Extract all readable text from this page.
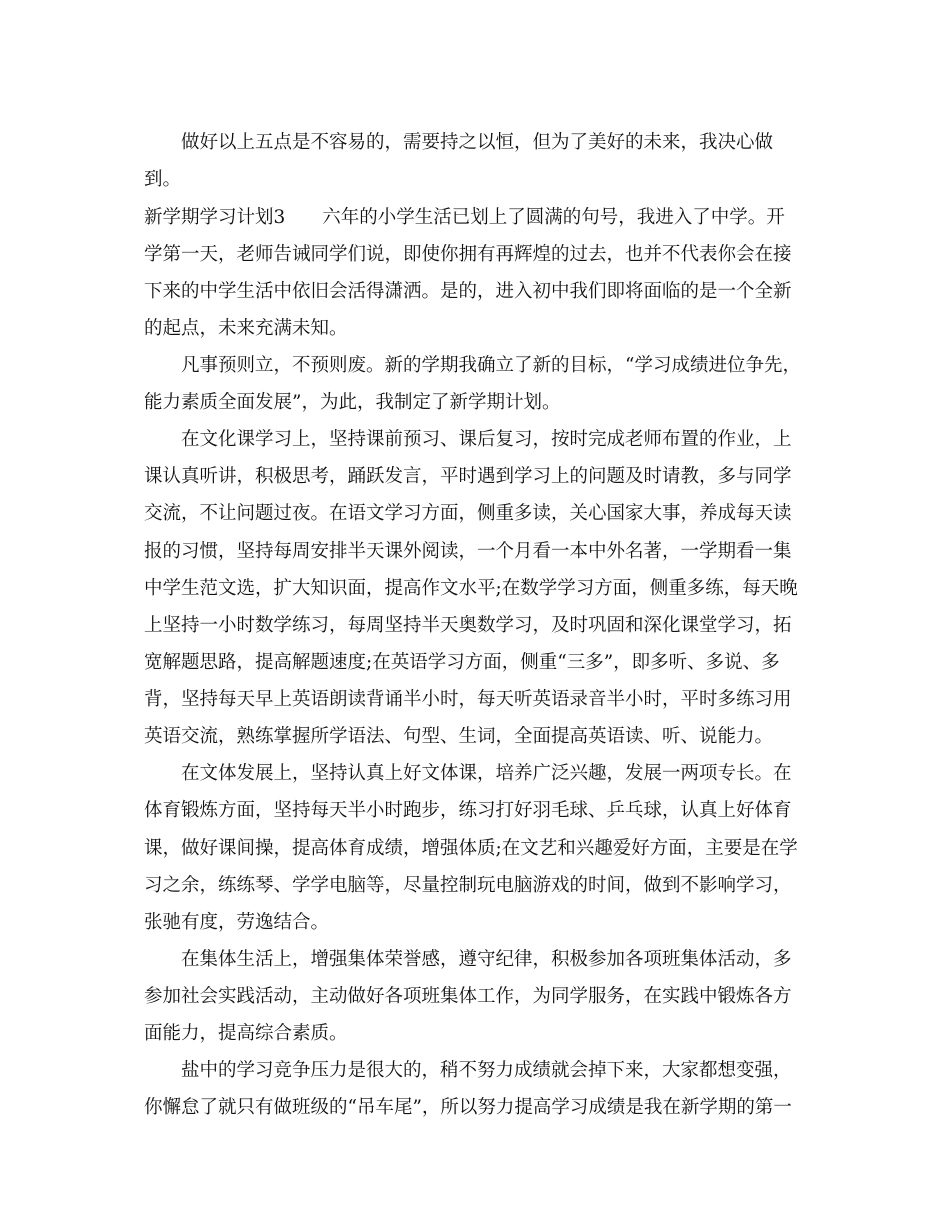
做好以上五点是不容易的，需要持之以恒，但为了美好的未来，我决心做
到。
新学期学习计划3　　六年的小学生活已划上了圆满的句号，我进入了中学。开
学第一天，老师告诫同学们说，即使你拥有再辉煌的过去，也并不代表你会在接
下来的中学生活中依旧会活得潇洒。是的，进入初中我们即将面临的是一个全新
的起点，未来充满未知。
凡事预则立，不预则废。新的学期我确立了新的目标，“学习成绩进位争先，
能力素质全面发展”，为此，我制定了新学期计划。
在文化课学习上，坚持课前预习、课后复习，按时完成老师布置的作业，上
课认真听讲，积极思考，踊跃发言，平时遇到学习上的问题及时请教，多与同学
交流，不让问题过夜。在语文学习方面，侧重多读，关心国家大事，养成每天读
报的习惯，坚持每周安排半天课外阅读，一个月看一本中外名著，一学期看一集
中学生范文选，扩大知识面，提高作文水平;在数学学习方面，侧重多练，每天晚
上坚持一小时数学练习，每周坚持半天奥数学习，及时巩固和深化课堂学习，拓
宽解题思路，提高解题速度;在英语学习方面，侧重“三多”，即多听、多说、多
背，坚持每天早上英语朗读背诵半小时，每天听英语录音半小时，平时多练习用
英语交流，熟练掌握所学语法、句型、生词，全面提高英语读、听、说能力。
在文体发展上，坚持认真上好文体课，培养广泛兴趣，发展一两项专长。在
体育锻炼方面，坚持每天半小时跑步，练习打好羽毛球、乒乓球，认真上好体育
课，做好课间操，提高体育成绩，增强体质;在文艺和兴趣爱好方面，主要是在学
习之余，练练琴、学学电脑等，尽量控制玩电脑游戏的时间，做到不影响学习，
张驰有度，劳逸结合。
在集体生活上，增强集体荣誉感，遵守纪律，积极参加各项班集体活动，多
参加社会实践活动，主动做好各项班集体工作，为同学服务，在实践中锻炼各方
面能力，提高综合素质。
盐中的学习竞争压力是很大的，稍不努力成绩就会掉下来，大家都想变强，
你懈怠了就只有做班级的“吊车尾”，所以努力提高学习成绩是我在新学期的第一
